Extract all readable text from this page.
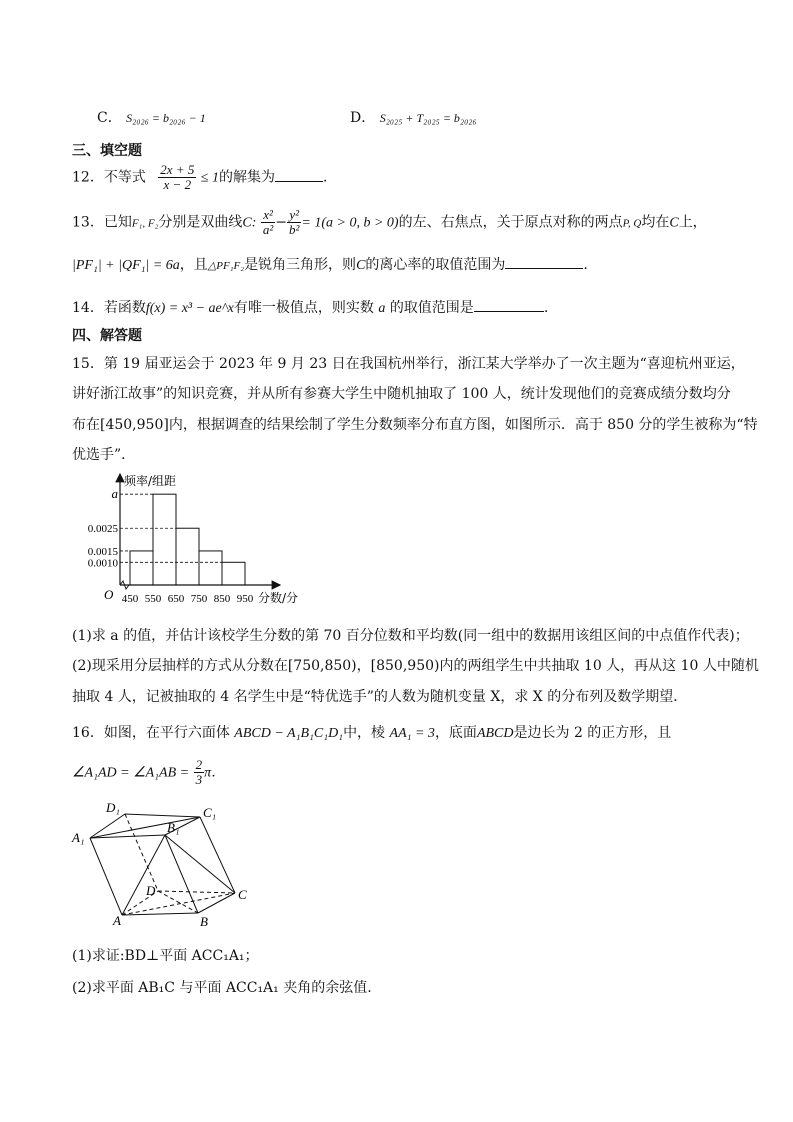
C． S₂₀₂₆ = b₂₀₂₆ − 1	D． S₂₀₂₅ + T₂₀₂₅ = b₂₀₂₆
三、填空题
12．不等式 $\frac{2x + 5}{x - 2} \le 1$的解集为	.
13．已知F₁, F₂分别是双曲线C: $\frac{\text{x²}}{\text{a²}} - \frac{\text{y²}}{\text{b²}} = 1(a > 0$, b > 0)的左、右焦点，关于原点对称的两点P, Q均在C上，
|PF₁| + |QF₁| = 6a，且△PF₁F₂是锐角三角形，则C的离心率的取值范围为	.
14．若函数f(x) = x³ − ae^x有唯一极值点，则实数 a 的取值范围是	.
四、解答题
15．第 19 届亚运会于 2023 年 9 月 23 日在我国杭州举行，浙江某大学举办了一次主题为“喜迎杭州亚运，
讲好浙江故事”的知识竞赛，并从所有参赛大学生中随机抽取了 100 人，统计发现他们的竞赛成绩分数均分
布在[450,950]内，根据调查的结果绘制了学生分数频率分布直方图，如图所示．高于 850 分的学生被称为“特
优选手”．
0.0015
a
0.0025
0.0010
450 550 650 750 850 950
频率/组距
分数/分
O
(1)求 a 的值，并估计该校学生分数的第 70 百分位数和平均数(同一组中的数据用该组区间的中点值作代表)；
(2)现采用分层抽样的方式从分数在[750,850)，[850,950)内的两组学生中共抽取 10 人，再从这 10 人中随机
抽取 4 人，记被抽取的 4 名学生中是“特优选手”的人数为随机变量 X，求 X 的分布列及数学期望．
16．如图，在平行六面体 ABCD − A₁B₁C₁D₁中，棱 AA₁ = 3，底面ABCD是边长为 2 的正方形，且
∠A₁AD = ∠A₁AB = $\frac{2}{3}$ π．
D₁	C₁
A₁
B₁
D	C
A	B
(1)求证:BD⊥平面 ACC₁A₁；
(2)求平面 AB₁C 与平面 ACC₁A₁ 夹角的余弦值.
